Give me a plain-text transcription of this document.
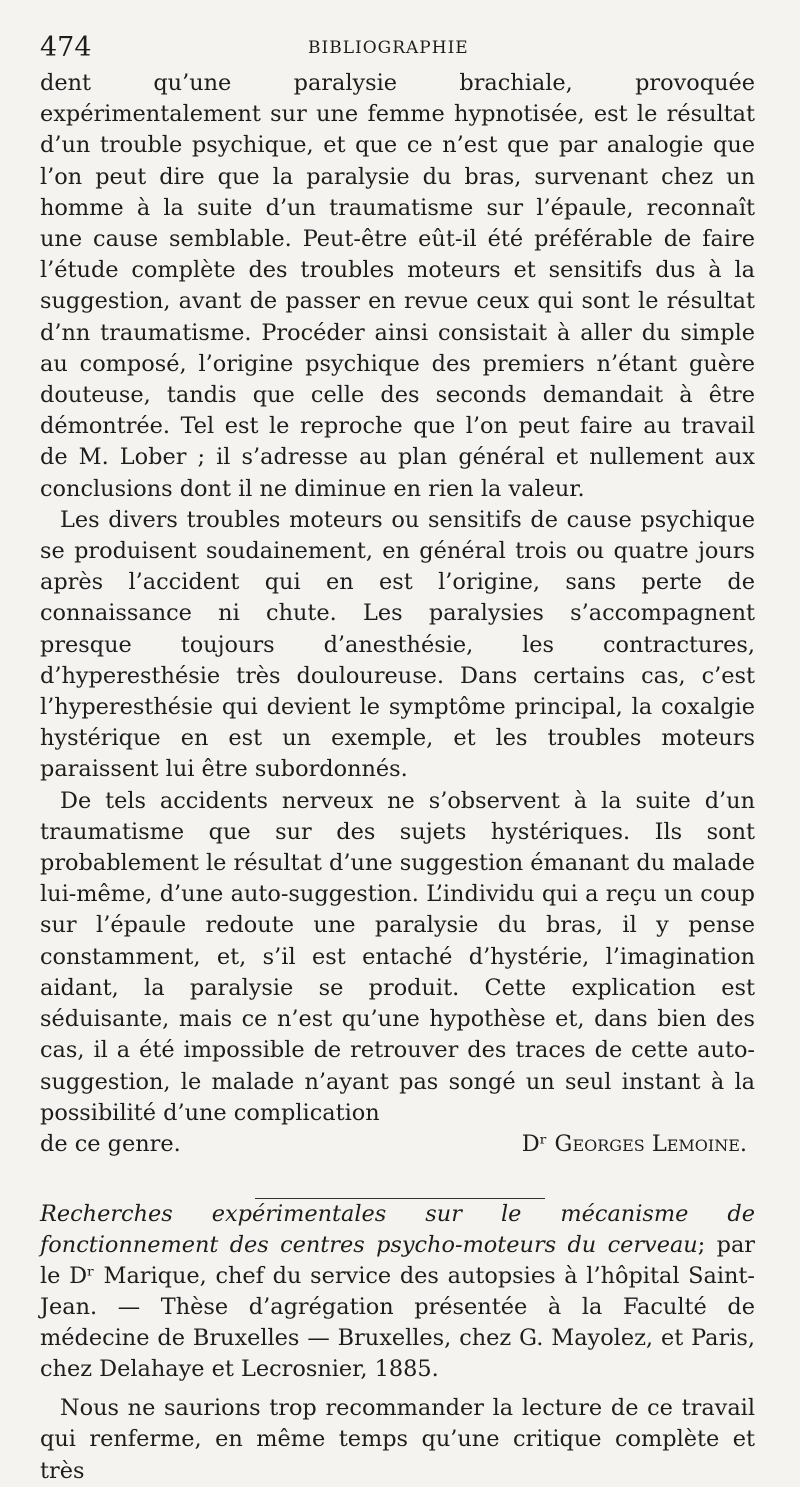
474	BIBLIOGRAPHIE

dent qu’une paralysie brachiale, provoquée expérimentalement sur une femme hypnotisée, est le résultat d’un trouble psychique, et que ce n’est que par analogie que l’on peut dire que la paralysie du bras, survenant chez un homme à la suite d’un traumatisme sur l’épaule, reconnaît une cause semblable. Peut-être eût-il été préférable de faire l’étude complète des troubles moteurs et sensitifs dus à la suggestion, avant de passer en revue ceux qui sont le résultat d’nn traumatisme. Procéder ainsi consistait à aller du simple au composé, l’origine psychique des premiers n’étant guère douteuse, tandis que celle des seconds demandait à être démontrée. Tel est le reproche que l’on peut faire au travail de M. Lober ; il s’adresse au plan général et nullement aux conclusions dont il ne diminue en rien la valeur.

Les divers troubles moteurs ou sensitifs de cause psychique se produisent soudainement, en général trois ou quatre jours après l’accident qui en est l’origine, sans perte de connaissance ni chute. Les paralysies s’accompagnent presque toujours d’anesthésie, les contractures, d’hyperesthésie très douloureuse. Dans certains cas, c’est l’hyperesthésie qui devient le symptôme principal, la coxalgie hystérique en est un exemple, et les troubles moteurs paraissent lui être subordonnés.

De tels accidents nerveux ne s’observent à la suite d’un traumatisme que sur des sujets hystériques. Ils sont probablement le résultat d’une suggestion émanant du malade lui-même, d’une auto-suggestion. L’individu qui a reçu un coup sur l’épaule redoute une paralysie du bras, il y pense constamment, et, s’il est entaché d’hystérie, l’imagination aidant, la paralysie se produit. Cette explication est séduisante, mais ce n’est qu’une hypothèse et, dans bien des cas, il a été impossible de retrouver des traces de cette auto-suggestion, le malade n’ayant pas songé un seul instant à la possibilité d’une complication

de ce genre.	Dʳ Georges Lemoine.

Recherches expérimentales sur le mécanisme de fonctionnement des centres psycho-moteurs du cerveau; par le Dʳ Marique, chef du service des autopsies à l’hôpital Saint-Jean. — Thèse d’agrégation présentée à la Faculté de médecine de Bruxelles — Bruxelles, chez G. Mayolez, et Paris, chez Delahaye et Lecrosnier, 1885.

Nous ne saurions trop recommander la lecture de ce travail qui renferme, en même temps qu’une critique complète et très
